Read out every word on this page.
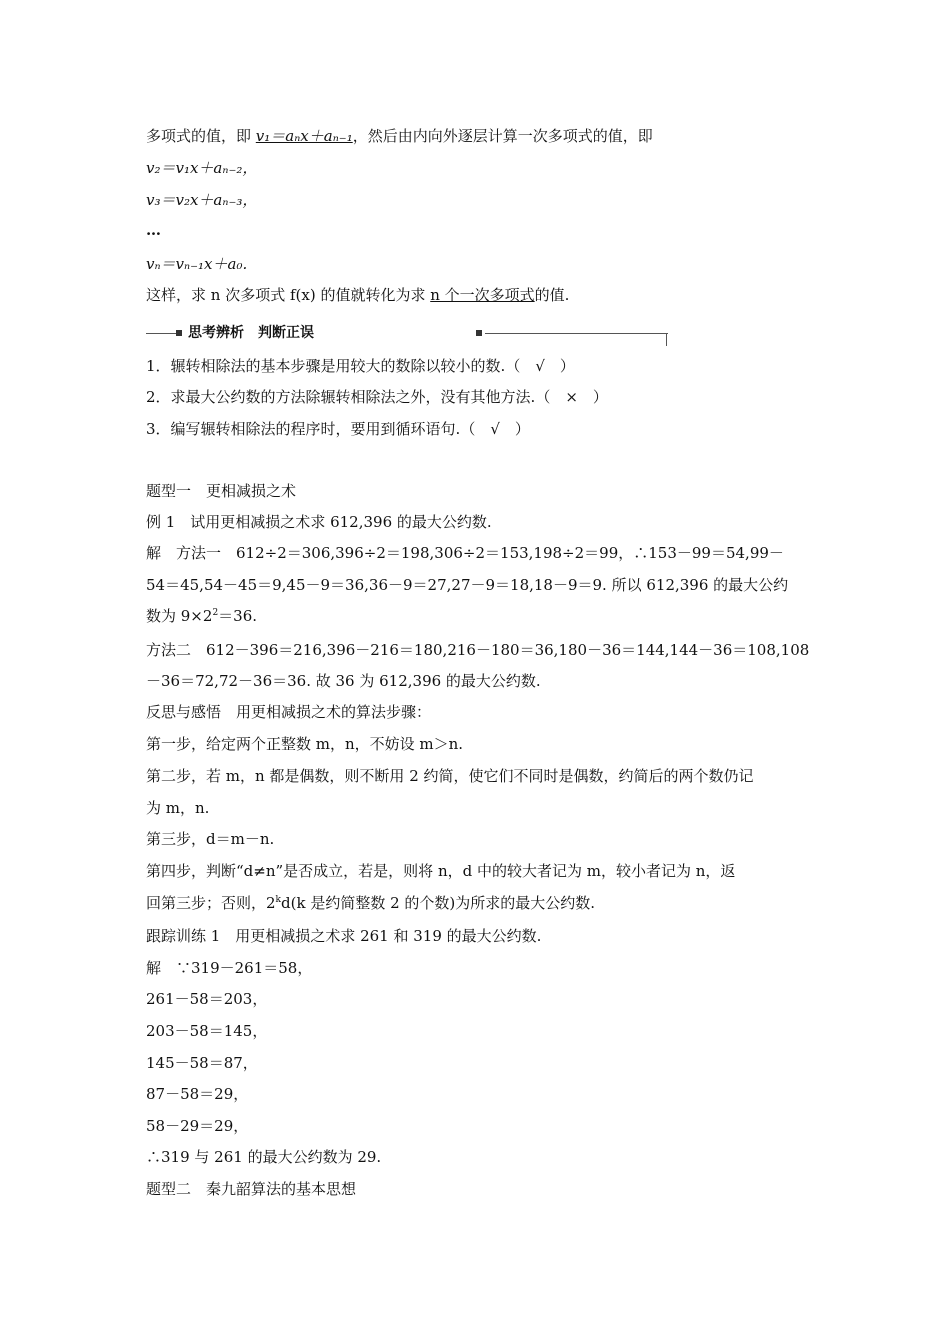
多项式的值，即 v₁＝aₙx＋aₙ₋₁，然后由内向外逐层计算一次多项式的值，即
v₂＝v₁x＋aₙ₋₂，
v₃＝v₂x＋aₙ₋₃，
…
vₙ＝vₙ₋₁x＋a₀.
这样，求 n 次多项式 f(x) 的值就转化为求 n 个一次多项式的值.
思考辨析　判断正误
1．辗转相除法的基本步骤是用较大的数除以较小的数.（　√　）
2．求最大公约数的方法除辗转相除法之外，没有其他方法.（　×　）
3．编写辗转相除法的程序时，要用到循环语句.（　√　）
题型一　更相减损之术
例 1　试用更相减损之术求 612,396 的最大公约数.
解　方法一　612÷2＝306,396÷2＝198,306÷2＝153,198÷2＝99，∴153－99＝54,99－
54＝45,54－45＝9,45－9＝36,36－9＝27,27－9＝18,18－9＝9. 所以 612,396 的最大公约
数为 $9\times 2^2=36$.
方法二　612－396＝216,396－216＝180,216－180＝36,180－36＝144,144－36＝108,108
－36＝72,72－36＝36. 故 36 为 612,396 的最大公约数.
反思与感悟　用更相减损之术的算法步骤：
第一步，给定两个正整数 m，n，不妨设 m＞n.
第二步，若 m，n 都是偶数，则不断用 2 约简，使它们不同时是偶数，约简后的两个数仍记
为 m，n.
第三步，d＝m－n.
第四步，判断“d≠n”是否成立，若是，则将 n，d 中的较大者记为 m，较小者记为 n，返
回第三步；否则，2$^k$d(k 是约简整数 2 的个数)为所求的最大公约数.
跟踪训练 1　用更相减损之术求 261 和 319 的最大公约数.
解　∵319－261＝58，
261－58＝203，
203－58＝145，
145－58＝87，
87－58＝29，
58－29＝29，
∴319 与 261 的最大公约数为 29.
题型二　秦九韶算法的基本思想
